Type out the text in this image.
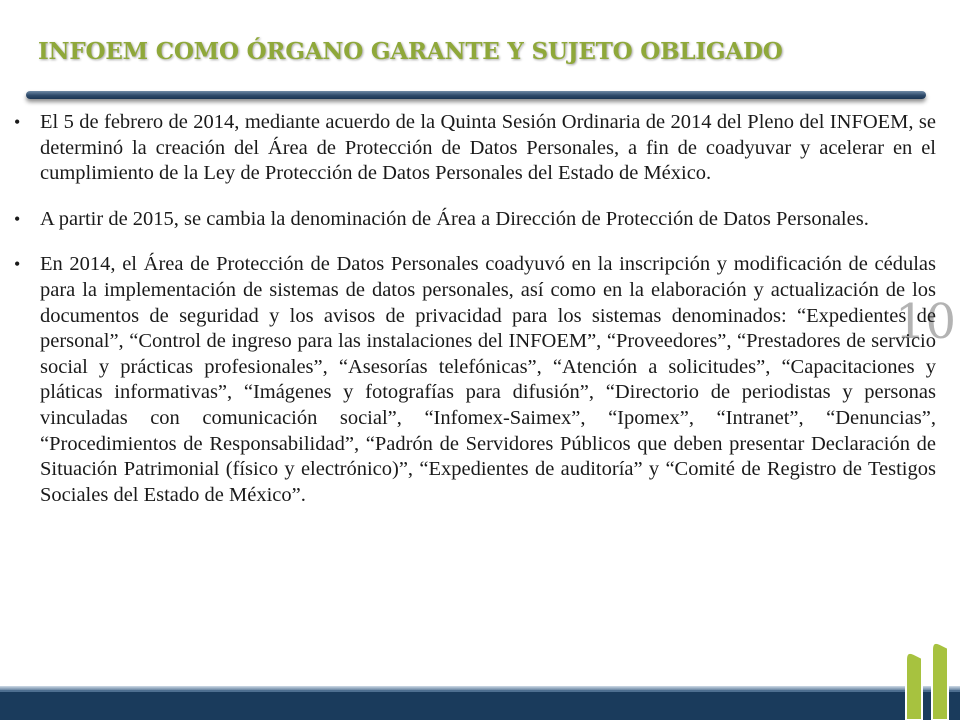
INFOEM COMO ÓRGANO GARANTE Y SUJETO OBLIGADO
10

• El 5 de febrero de 2014, mediante acuerdo de la Quinta Sesión Ordinaria de 2014 del Pleno del INFOEM, se determinó la creación del Área de Protección de Datos Personales, a fin de coadyuvar y acelerar en el cumplimiento de la Ley de Protección de Datos Personales del Estado de México.

• A partir de 2015, se cambia la denominación de Área a Dirección de Protección de Datos Personales.

• En 2014, el Área de Protección de Datos Personales coadyuvó en la inscripción y modificación de cédulas para la implementación de sistemas de datos personales, así como en la elaboración y actualización de los documentos de seguridad y los avisos de privacidad para los sistemas denominados: “Expedientes de personal”, “Control de ingreso para las instalaciones del INFOEM”, “Proveedores”, “Prestadores de servicio social y prácticas profesionales”, “Asesorías telefónicas”, “Atención a solicitudes”, “Capacitaciones y pláticas informativas”, “Imágenes y fotografías para difusión”, “Directorio de periodistas y personas vinculadas con comunicación social”, “Infomex-Saimex”, “Ipomex”, “Intranet”, “Denuncias”, “Procedimientos de Responsabilidad”, “Padrón de Servidores Públicos que deben presentar Declaración de Situación Patrimonial (físico y electrónico)”, “Expedientes de auditoría” y “Comité de Registro de Testigos Sociales del Estado de México”.
